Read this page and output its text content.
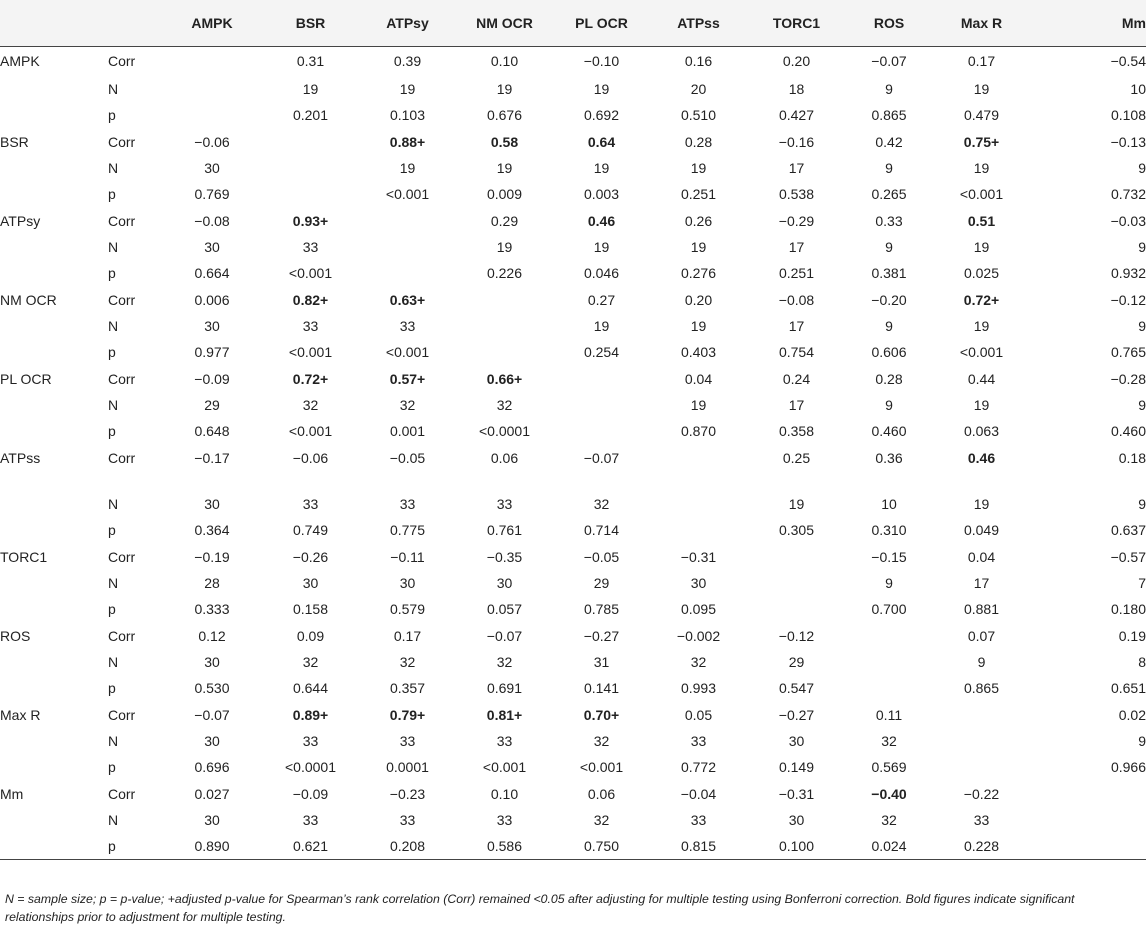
		AMPK	BSR	ATPsy	NM OCR	PL OCR	ATPss	TORC1	ROS	Max R	Mm
AMPK	Corr		0.31	0.39	0.10	−0.10	0.16	0.20	−0.07	0.17	−0.54
	N		19	19	19	19	20	18	9	19	10
	p		0.201	0.103	0.676	0.692	0.510	0.427	0.865	0.479	0.108
BSR	Corr	−0.06		0.88+	0.58	0.64	0.28	−0.16	0.42	0.75+	−0.13
	N	30		19	19	19	19	17	9	19	9
	p	0.769		<0.001	0.009	0.003	0.251	0.538	0.265	<0.001	0.732
ATPsy	Corr	−0.08	0.93+		0.29	0.46	0.26	−0.29	0.33	0.51	−0.03
	N	30	33		19	19	19	17	9	19	9
	p	0.664	<0.001		0.226	0.046	0.276	0.251	0.381	0.025	0.932
NM OCR	Corr	0.006	0.82+	0.63+		0.27	0.20	−0.08	−0.20	0.72+	−0.12
	N	30	33	33		19	19	17	9	19	9
	p	0.977	<0.001	<0.001		0.254	0.403	0.754	0.606	<0.001	0.765
PL OCR	Corr	−0.09	0.72+	0.57+	0.66+		0.04	0.24	0.28	0.44	−0.28
	N	29	32	32	32		19	17	9	19	9
	p	0.648	<0.001	0.001	<0.0001		0.870	0.358	0.460	0.063	0.460
ATPss	Corr	−0.17	−0.06	−0.05	0.06	−0.07		0.25	0.36	0.46	0.18

	N	30	33	33	33	32		19	10	19	9
	p	0.364	0.749	0.775	0.761	0.714		0.305	0.310	0.049	0.637
TORC1	Corr	−0.19	−0.26	−0.11	−0.35	−0.05	−0.31		−0.15	0.04	−0.57
	N	28	30	30	30	29	30		9	17	7
	p	0.333	0.158	0.579	0.057	0.785	0.095		0.700	0.881	0.180
ROS	Corr	0.12	0.09	0.17	−0.07	−0.27	−0.002	−0.12		0.07	0.19
	N	30	32	32	32	31	32	29		9	8
	p	0.530	0.644	0.357	0.691	0.141	0.993	0.547		0.865	0.651
Max R	Corr	−0.07	0.89+	0.79+	0.81+	0.70+	0.05	−0.27	0.11		0.02
	N	30	33	33	33	32	33	30	32		9
	p	0.696	<0.0001	0.0001	<0.001	<0.001	0.772	0.149	0.569		0.966
Mm	Corr	0.027	−0.09	−0.23	0.10	0.06	−0.04	−0.31	−0.40	−0.22	
	N	30	33	33	33	32	33	30	32	33	
	p	0.890	0.621	0.208	0.586	0.750	0.815	0.100	0.024	0.228	
N = sample size; p = p-value; +adjusted p-value for Spearman’s rank correlation (Corr) remained <0.05 after adjusting for multiple testing using Bonferroni correction. Bold figures indicate significant relationships prior to adjustment for multiple testing.
